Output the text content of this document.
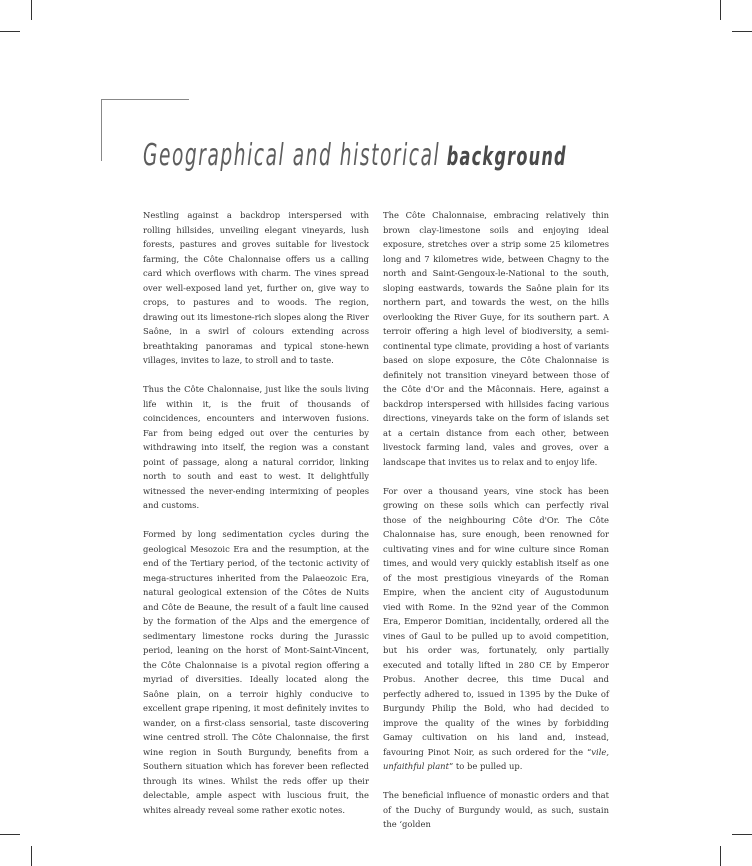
Geographical and historical background

Nestling against a backdrop interspersed with rolling hillsides, unveiling elegant vineyards, lush forests, pastures and groves suitable for livestock farming, the Côte Chalonnaise offers us a calling card which overflows with charm. The vines spread over well-exposed land yet, further on, give way to crops, to pastures and to woods. The region, drawing out its limestone-rich slopes along the River Saône, in a swirl of colours extending across breathtaking panoramas and typical stone-hewn villages, invites to laze, to stroll and to taste.

Thus the Côte Chalonnaise, just like the souls living life within it, is the fruit of thousands of coincidences, encounters and interwoven fusions. Far from being edged out over the centuries by withdrawing into itself, the region was a constant point of passage, along a natural corridor, linking north to south and east to west. It delightfully witnessed the never-ending intermixing of peoples and customs.

Formed by long sedimentation cycles during the geological Mesozoic Era and the resumption, at the end of the Tertiary period, of the tectonic activity of mega-structures inherited from the Palaeozoic Era, natural geological extension of the Côtes de Nuits and Côte de Beaune, the result of a fault line caused by the formation of the Alps and the emergence of sedimentary limestone rocks during the Jurassic period, leaning on the horst of Mont-Saint-Vincent, the Côte Chalonnaise is a pivotal region offering a myriad of diversities. Ideally located along the Saône plain, on a terroir highly conducive to excellent grape ripening, it most definitely invites to wander, on a first-class sensorial, taste discovering wine centred stroll. The Côte Chalonnaise, the first wine region in South Burgundy, benefits from a Southern situation which has forever been reflected through its wines. Whilst the reds offer up their delectable, ample aspect with luscious fruit, the whites already reveal some rather exotic notes.

The Côte Chalonnaise, embracing relatively thin brown clay-limestone soils and enjoying ideal exposure, stretches over a strip some 25 kilometres long and 7 kilometres wide, between Chagny to the north and Saint-Gengoux-le-National to the south, sloping eastwards, towards the Saône plain for its northern part, and towards the west, on the hills overlooking the River Guye, for its southern part. A terroir offering a high level of biodiversity, a semi-continental type climate, providing a host of variants based on slope exposure, the Côte Chalonnaise is definitely not transition vineyard between those of the Côte d'Or and the Mâconnais. Here, against a backdrop interspersed with hillsides facing various directions, vineyards take on the form of islands set at a certain distance from each other, between livestock farming land, vales and groves, over a landscape that invites us to relax and to enjoy life.

For over a thousand years, vine stock has been growing on these soils which can perfectly rival those of the neighbouring Côte d'Or. The Côte Chalonnaise has, sure enough, been renowned for cultivating vines and for wine culture since Roman times, and would very quickly establish itself as one of the most prestigious vineyards of the Roman Empire, when the ancient city of Augustodunum vied with Rome. In the 92nd year of the Common Era, Emperor Domitian, incidentally, ordered all the vines of Gaul to be pulled up to avoid competition, but his order was, fortunately, only partially executed and totally lifted in 280 CE by Emperor Probus. Another decree, this time Ducal and perfectly adhered to, issued in 1395 by the Duke of Burgundy Philip the Bold, who had decided to improve the quality of the wines by forbidding Gamay cultivation on his land and, instead, favouring Pinot Noir, as such ordered for the “vile, unfaithful plant” to be pulled up.

The beneficial influence of monastic orders and that of the Duchy of Burgundy would, as such, sustain the ‘golden
